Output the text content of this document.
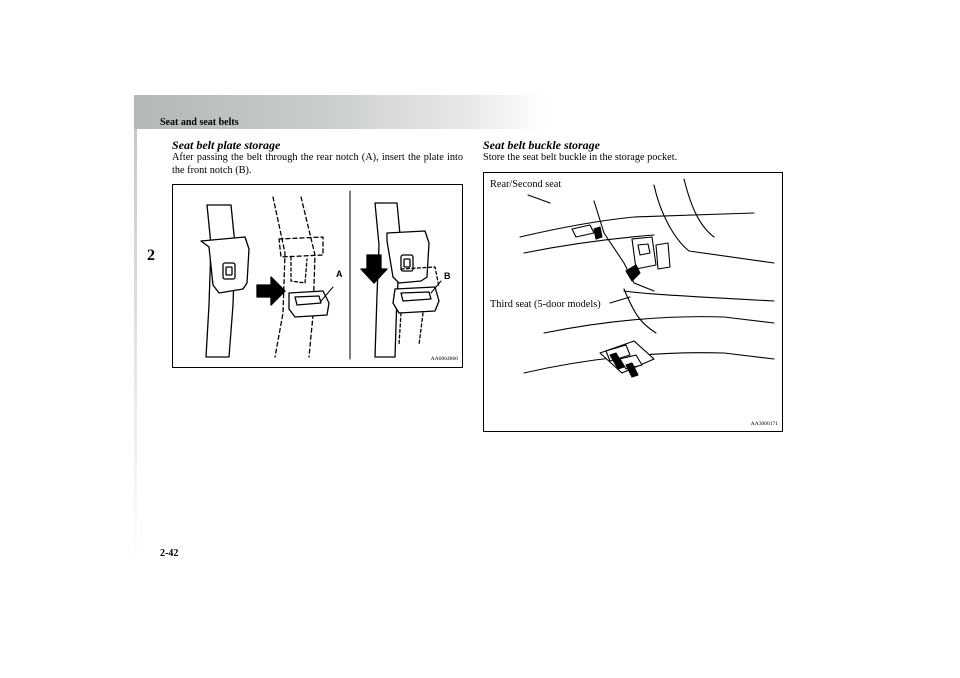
Seat and seat belts
2
Seat belt plate storage
After passing the belt through the rear notch (A), insert the plate into the front notch (B).
A	B
AA0064860
Seat belt buckle storage
Store the seat belt buckle in the storage pocket.
Rear/Second seat
Third seat (5-door models)
AA3000171
2-42
